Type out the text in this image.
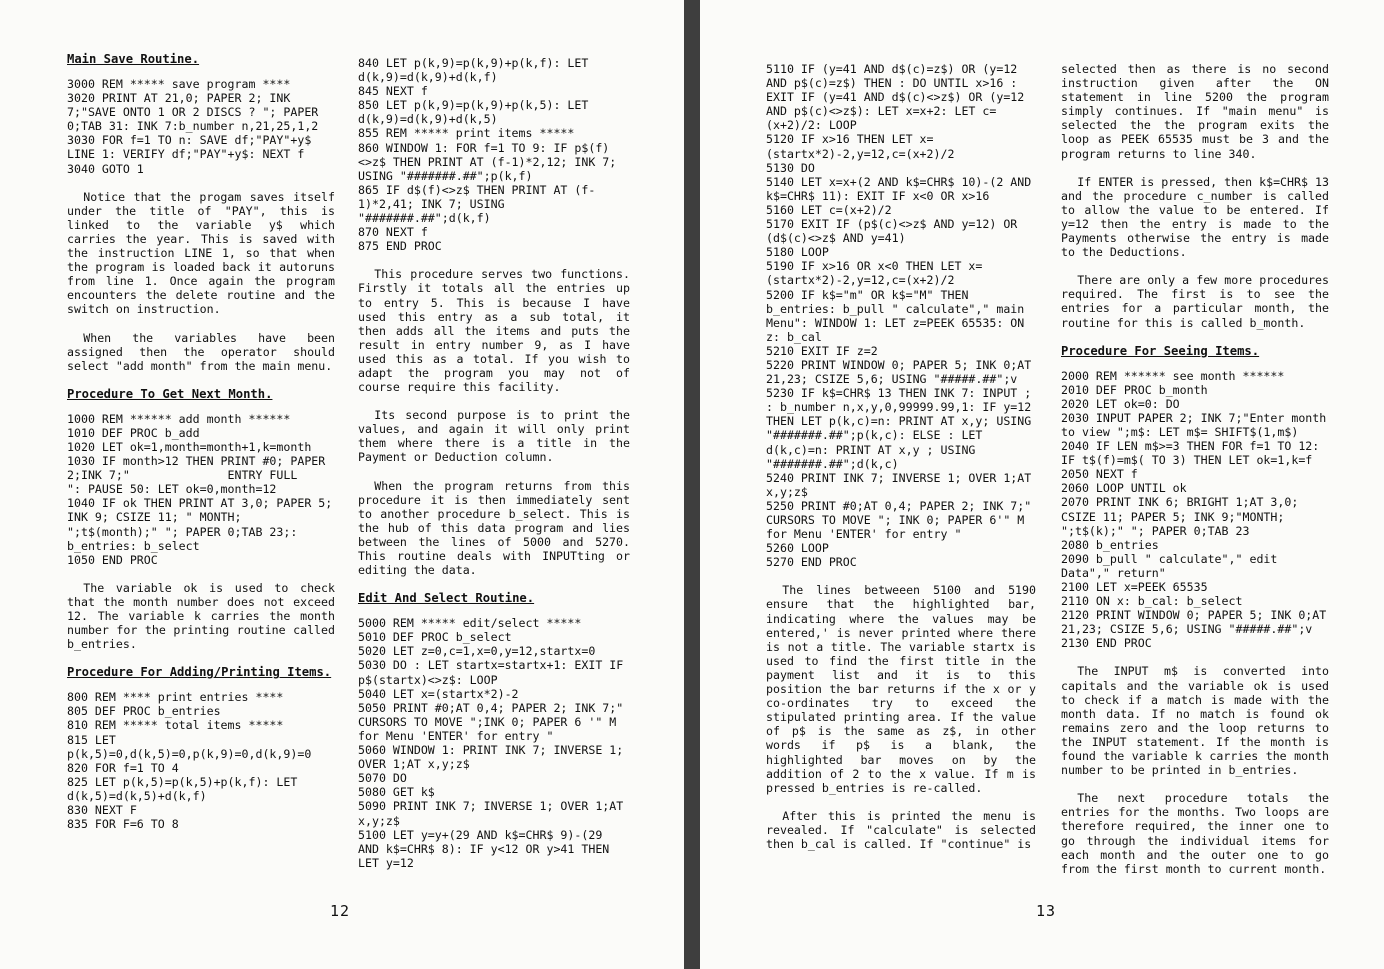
Main Save Routine.
3000 REM ***** save program ****
3020 PRINT AT 21,0; PAPER 2; INK 7;"SAVE ONTO 1 OR 2 DISCS ? "; PAPER 0;TAB 31: INK 7:b_number n,21,25,1,2
3030 FOR f=1 TO n: SAVE df;"PAY"+y$ LINE 1: VERIFY df;"PAY"+y$: NEXT f
3040 GOTO 1

Notice that the progam saves itself under the title of "PAY", this is linked to the variable y$ which carries the year. This is saved with the instruction LINE 1, so that when the program is loaded back it autoruns from line 1. Once again the program encounters the delete routine and the switch on instruction.

When the variables have been assigned then the operator should select "add month" from the main menu.

Procedure To Get Next Month.
1000 REM ****** add month ******
1010 DEF PROC b_add
1020 LET ok=1,month=month+1,k=month
1030 IF month>12 THEN PRINT #0; PAPER 2;INK 7;"              ENTRY FULL          ": PAUSE 50: LET ok=0,month=12
1040 IF ok THEN PRINT AT 3,0; PAPER 5; INK 9; CSIZE 11; " MONTH; ";t$(month);" "; PAPER 0;TAB 23;: b_entries: b_select
1050 END PROC

The variable ok is used to check that the month number does not exceed 12. The variable k carries the month number for the printing routine called b_entries.

Procedure For Adding/Printing Items.
800 REM **** print entries ****
805 DEF PROC b_entries
810 REM ***** total items *****
815 LET p(k,5)=0,d(k,5)=0,p(k,9)=0,d(k,9)=0
820 FOR f=1 TO 4
825 LET p(k,5)=p(k,5)+p(k,f): LET d(k,5)=d(k,5)+d(k,f)
830 NEXT F
835 FOR F=6 TO 8
840 LET p(k,9)=p(k,9)+p(k,f): LET d(k,9)=d(k,9)+d(k,f)
845 NEXT f
850 LET p(k,9)=p(k,9)+p(k,5): LET d(k,9)=d(k,9)+d(k,5)
855 REM ***** print items *****
860 WINDOW 1: FOR f=1 TO 9: IF p$(f)<>z$ THEN PRINT AT (f-1)*2,12; INK 7; USING "#######.##";p(k,f)
865 IF d$(f)<>z$ THEN PRINT AT (f-1)*2,41; INK 7; USING "#######.##";d(k,f)
870 NEXT f
875 END PROC

This procedure serves two functions. Firstly it totals all the entries up to entry 5. This is because I have used this entry as a sub total, it then adds all the items and puts the result in entry number 9, as I have used this as a total. If you wish to adapt the program you may not of course require this facility.

Its second purpose is to print the values, and again it will only print them where there is a title in the Payment or Deduction column.

When the program returns from this procedure it is then immediately sent to another procedure b_select. This is the hub of this data program and lies between the lines of 5000 and 5270. This routine deals with INPUTting or editing the data.

Edit And Select Routine.
5000 REM ***** edit/select *****
5010 DEF PROC b_select
5020 LET z=0,c=1,x=0,y=12,startx=0
5030 DO : LET startx=startx+1: EXIT IF p$(startx)<>z$: LOOP
5040 LET x=(startx*2)-2
5050 PRINT #0;AT 0,4; PAPER 2; INK 7;" CURSORS TO MOVE ";INK 0; PAPER 6 '" M for Menu 'ENTER' for entry "
5060 WINDOW 1: PRINT INK 7; INVERSE 1; OVER 1;AT x,y;z$
5070 DO
5080 GET k$
5090 PRINT INK 7; INVERSE 1; OVER 1;AT x,y;z$
5100 LET y=y+(29 AND k$=CHR$ 9)-(29 AND k$=CHR$ 8): IF y<12 OR y>41 THEN LET y=12
12
5110 IF (y=41 AND d$(c)=z$) OR (y=12 AND p$(c)=z$) THEN : DO UNTIL x>16 : EXIT IF (y=41 AND d$(c)<>z$) OR (y=12 AND p$(c)<>z$): LET x=x+2: LET c=(x+2)/2: LOOP
5120 IF x>16 THEN LET x=(startx*2)-2,y=12,c=(x+2)/2
5130 DO
5140 LET x=x+(2 AND k$=CHR$ 10)-(2 AND k$=CHR$ 11): EXIT IF x<0 OR x>16
5160 LET c=(x+2)/2
5170 EXIT IF (p$(c)<>z$ AND y=12) OR (d$(c)<>z$ AND y=41)
5180 LOOP
5190 IF x>16 OR x<0 THEN LET x=(startx*2)-2,y=12,c=(x+2)/2
5200 IF k$="m" OR k$="M" THEN b_entries: b_pull " calculate"," main Menu": WINDOW 1: LET z=PEEK 65535: ON z: b_cal
5210 EXIT IF z=2
5220 PRINT WINDOW 0; PAPER 5; INK 0;AT 21,23; CSIZE 5,6; USING "#####.##";v
5230 IF k$=CHR$ 13 THEN INK 7: INPUT ; : b_number n,x,y,0,99999.99,1: IF y=12 THEN LET p(k,c)=n: PRINT AT x,y; USING "#######.##";p(k,c): ELSE : LET d(k,c)=n: PRINT AT x,y ; USING "#######.##";d(k,c)
5240 PRINT INK 7; INVERSE 1; OVER 1;AT x,y;z$
5250 PRINT #0;AT 0,4; PAPER 2; INK 7;" CURSORS TO MOVE "; INK 0; PAPER 6'" M for Menu 'ENTER' for entry "
5260 LOOP
5270 END PROC

The lines betweeen 5100 and 5190 ensure that the highlighted bar, indicating where the values may be entered,' is never printed where there is not a title. The variable startx is used to find the first title in the payment list and it is to this position the bar returns if the x or y co-ordinates try to exceed the stipulated printing area. If the value of p$ is the same as z$, in other words if p$ is a blank, the highlighted bar moves on by the addition of 2 to the x value. If m is pressed b_entries is re-called.

After this is printed the menu is revealed. If "calculate" is selected then b_cal is called. If "continue" is

selected then as there is no second instruction given after the ON statement in line 5200 the program simply continues. If "main menu" is selected the the program exits the loop as PEEK 65535 must be 3 and the program returns to line 340.

If ENTER is pressed, then k$=CHR$ 13 and the procedure c_number is called to allow the value to be entered. If y=12 then the entry is made to the Payments otherwise the entry is made to the Deductions.

There are only a few more procedures required. The first is to see the entries for a particular month, the routine for this is called b_month.

Procedure For Seeing Items.
2000 REM ****** see month ******
2010 DEF PROC b_month
2020 LET ok=0: DO
2030 INPUT PAPER 2; INK 7;"Enter month to view ";m$: LET m$= SHIFT$(1,m$)
2040 IF LEN m$>=3 THEN FOR f=1 TO 12: IF t$(f)=m$( TO 3) THEN LET ok=1,k=f
2050 NEXT f
2060 LOOP UNTIL ok
2070 PRINT INK 6; BRIGHT 1;AT 3,0; CSIZE 11; PAPER 5; INK 9;"MONTH; ";t$(k);" "; PAPER 0;TAB 23
2080 b_entries
2090 b_pull " calculate"," edit Data"," return"
2100 LET x=PEEK 65535
2110 ON x: b_cal: b_select
2120 PRINT WINDOW 0; PAPER 5; INK 0;AT 21,23; CSIZE 5,6; USING "#####.##";v
2130 END PROC

The INPUT m$ is converted into capitals and the variable ok is used to check if a match is made with the month data. If no match is found ok remains zero and the loop returns to the INPUT statement. If the month is found the variable k carries the month number to be printed in b_entries.

The next procedure totals the entries for the months. Two loops are therefore required, the inner one to go through the individual items for each month and the outer one to go from the first month to current month.

13
